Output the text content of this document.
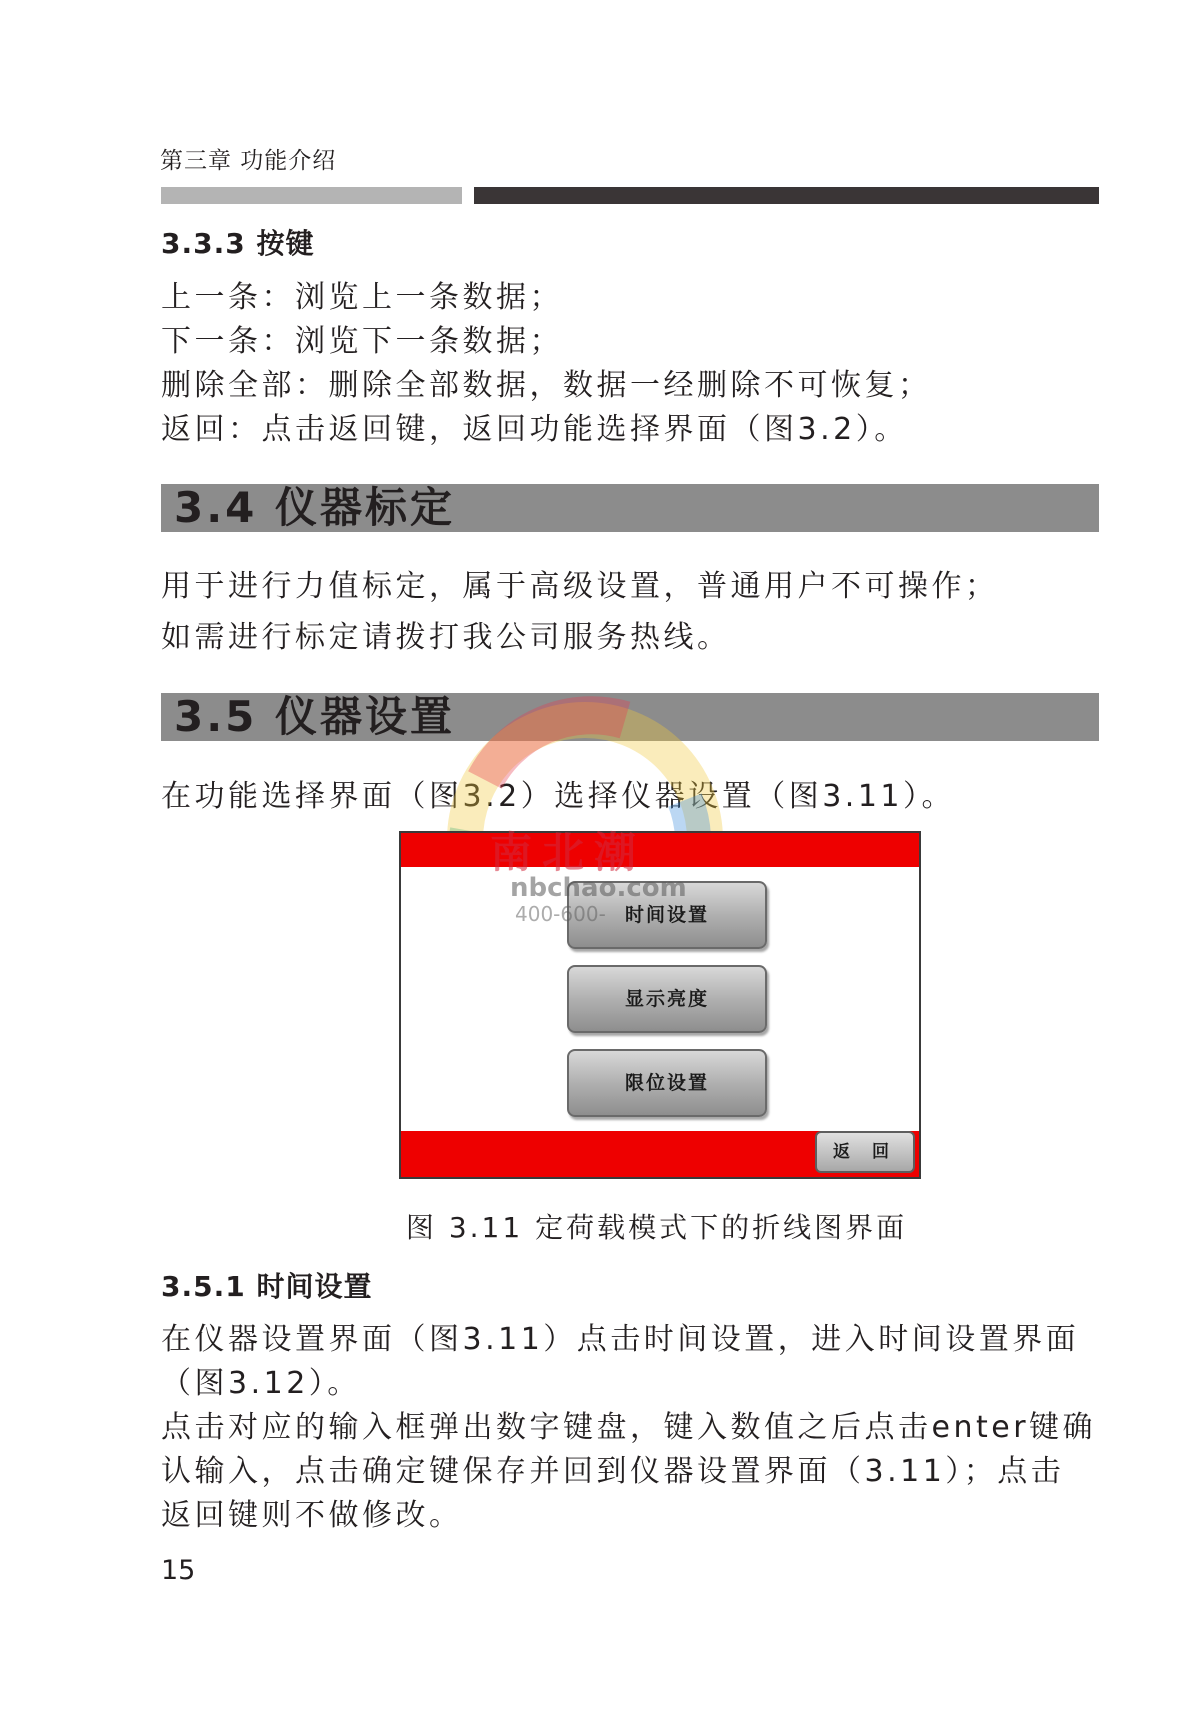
第三章 功能介绍
3.3.3 按键
上一条：浏览上一条数据；
下一条：浏览下一条数据；
删除全部：删除全部数据，数据一经删除不可恢复；
返回：点击返回键，返回功能选择界面（图3.2）。
3.4 仪器标定
用于进行力值标定，属于高级设置，普通用户不可操作；
如需进行标定请拨打我公司服务热线。
3.5 仪器设置
在功能选择界面（图3.2）选择仪器设置（图3.11）。
时间设置
显示亮度
限位设置
返 回
南北潮
nbchao.com
400-600-
图 3.11 定荷载模式下的折线图界面
3.5.1 时间设置
在仪器设置界面（图3.11）点击时间设置，进入时间设置界面
（图3.12）。
点击对应的输入框弹出数字键盘，键入数值之后点击enter键确
认输入，点击确定键保存并回到仪器设置界面（3.11）；点击
返回键则不做修改。
15
